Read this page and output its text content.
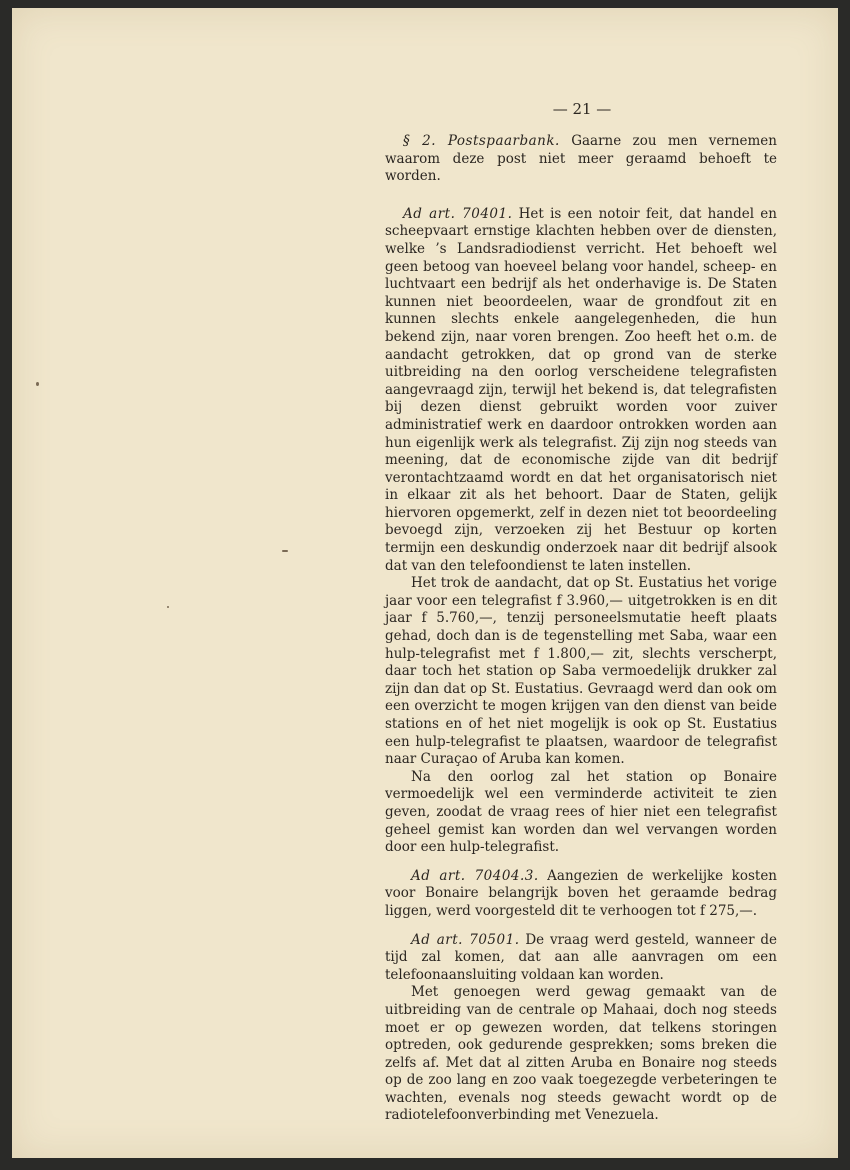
— 21 —

§ 2. Postspaarbank. Gaarne zou men vernemen waarom deze post niet meer geraamd behoeft te worden.

Ad art. 70401. Het is een notoir feit, dat handel en scheepvaart ernstige klachten hebben over de diensten, welke ’s Landsradiodienst verricht. Het behoeft wel geen betoog van hoeveel belang voor handel, scheep- en luchtvaart een bedrijf als het onderhavige is. De Staten kunnen niet beoordeelen, waar de grondfout zit en kunnen slechts enkele aangelegenheden, die hun bekend zijn, naar voren brengen. Zoo heeft het o.m. de aandacht getrokken, dat op grond van de sterke uitbreiding na den oorlog verscheidene telegrafisten aangevraagd zijn, terwijl het bekend is, dat telegrafisten bij dezen dienst gebruikt worden voor zuiver administratief werk en daardoor ontrokken worden aan hun eigenlijk werk als telegrafist. Zij zijn nog steeds van meening, dat de economische zijde van dit bedrijf verontachtzaamd wordt en dat het organisatorisch niet in elkaar zit als het behoort. Daar de Staten, gelijk hiervoren opgemerkt, zelf in dezen niet tot beoordeeling bevoegd zijn, verzoeken zij het Bestuur op korten termijn een deskundig onderzoek naar dit bedrijf alsook dat van den telefoondienst te laten instellen.

Het trok de aandacht, dat op St. Eustatius het vorige jaar voor een telegrafist f 3.960,— uitgetrokken is en dit jaar f 5.760,—, tenzij personeelsmutatie heeft plaats gehad, doch dan is de tegenstelling met Saba, waar een hulp-telegrafist met f 1.800,— zit, slechts verscherpt, daar toch het station op Saba vermoedelijk drukker zal zijn dan dat op St. Eustatius. Gevraagd werd dan ook om een overzicht te mogen krijgen van den dienst van beide stations en of het niet mogelijk is ook op St. Eustatius een hulp-telegrafist te plaatsen, waardoor de telegrafist naar Curaçao of Aruba kan komen.

Na den oorlog zal het station op Bonaire vermoedelijk wel een verminderde activiteit te zien geven, zoodat de vraag rees of hier niet een telegrafist geheel gemist kan worden dan wel vervangen worden door een hulp-telegrafist.

Ad art. 70404.3. Aangezien de werkelijke kosten voor Bonaire belangrijk boven het geraamde bedrag liggen, werd voorgesteld dit te verhoogen tot f 275,—.

Ad art. 70501. De vraag werd gesteld, wanneer de tijd zal komen, dat aan alle aanvragen om een telefoonaansluiting voldaan kan worden.

Met genoegen werd gewag gemaakt van de uitbreiding van de centrale op Mahaai, doch nog steeds moet er op gewezen worden, dat telkens storingen optreden, ook gedurende gesprekken; soms breken die zelfs af. Met dat al zitten Aruba en Bonaire nog steeds op de zoo lang en zoo vaak toegezegde verbeteringen te wachten, evenals nog steeds gewacht wordt op de radiotelefoonverbinding met Venezuela.
